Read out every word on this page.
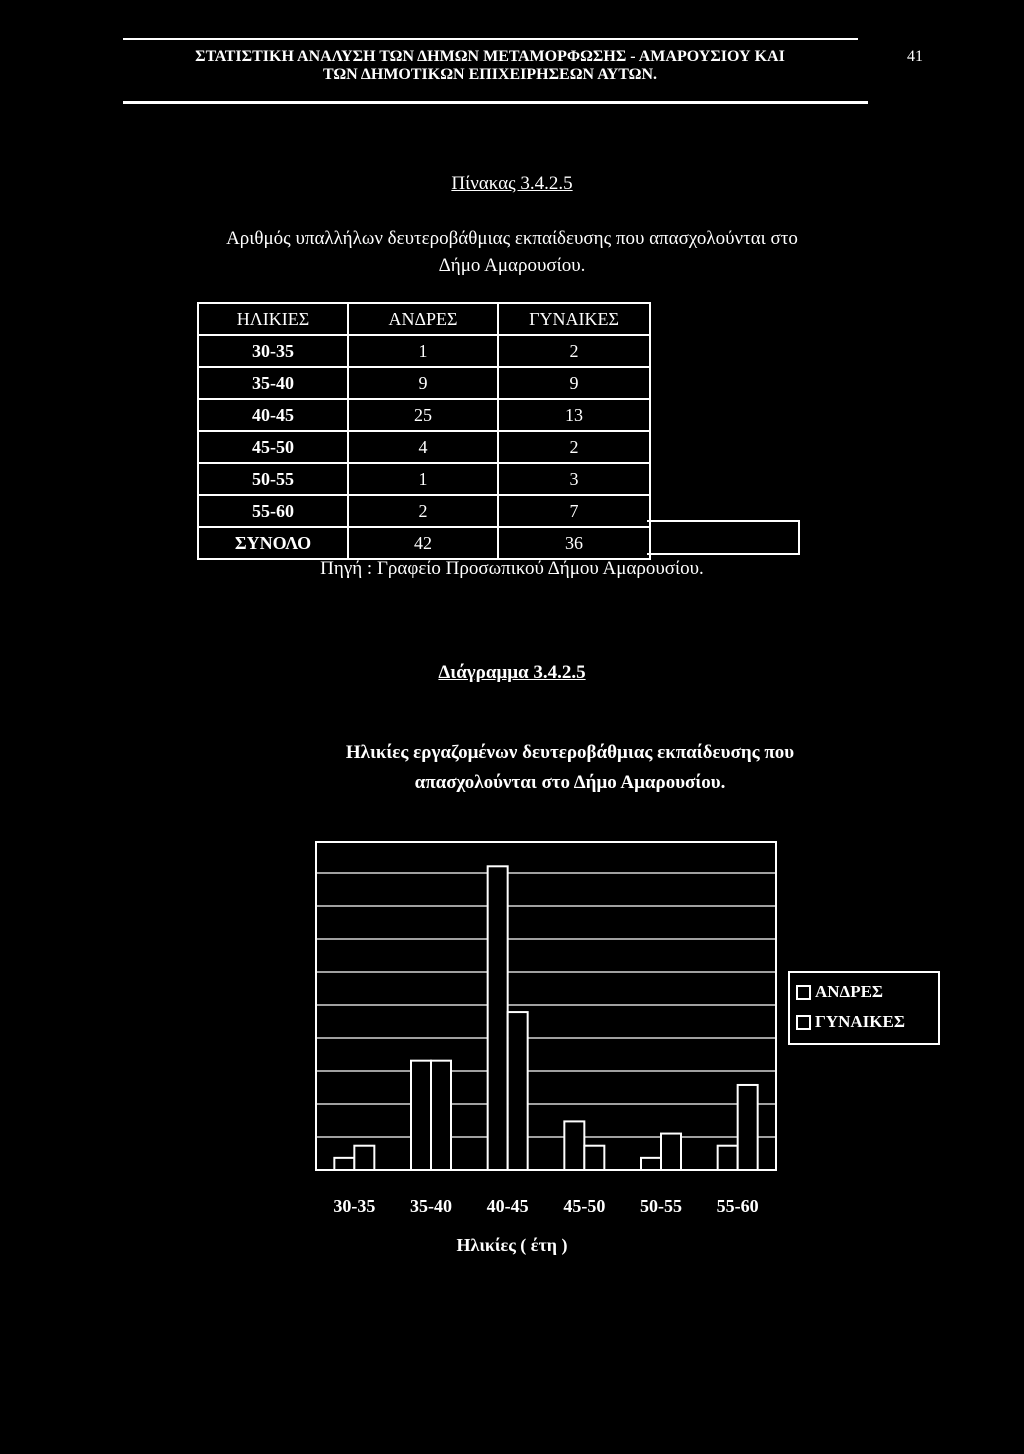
ΣΤΑΤΙΣΤΙΚΗ ΑΝΑΛΥΣΗ ΤΩΝ ΔΗΜΩΝ ΜΕΤΑΜΟΡΦΩΣΗΣ - ΑΜΑΡΟΥΣΙΟΥ ΚΑΙ
ΤΩΝ ΔΗΜΟΤΙΚΩΝ ΕΠΙΧΕΙΡΗΣΕΩΝ ΑΥΤΩΝ.
41
Πίνακας 3.4.2.5
Αριθμός υπαλλήλων δευτεροβάθμιας εκπαίδευσης που απασχολούνται στο
Δήμο Αμαρουσίου.
ΗΛΙΚΙΕΣ	ΑΝΔΡΕΣ	ΓΥΝΑΙΚΕΣ
30-35	1	2
35-40	9	9
40-45	25	13
45-50	4	2
50-55	1	3
55-60	2	7
ΣΥΝΟΛΟ	42	36
Πηγή : Γραφείο Προσωπικού Δήμου Αμαρουσίου.
Διάγραμμα 3.4.2.5
Ηλικίες εργαζομένων δευτεροβάθμιας εκπαίδευσης που
απασχολούνται στο Δήμο Αμαρουσίου.
30-35 35-40 40-45 45-50 50-55 55-60
ΑΝΔΡΕΣ
ΓΥΝΑΙΚΕΣ
Ηλικίες ( έτη )
